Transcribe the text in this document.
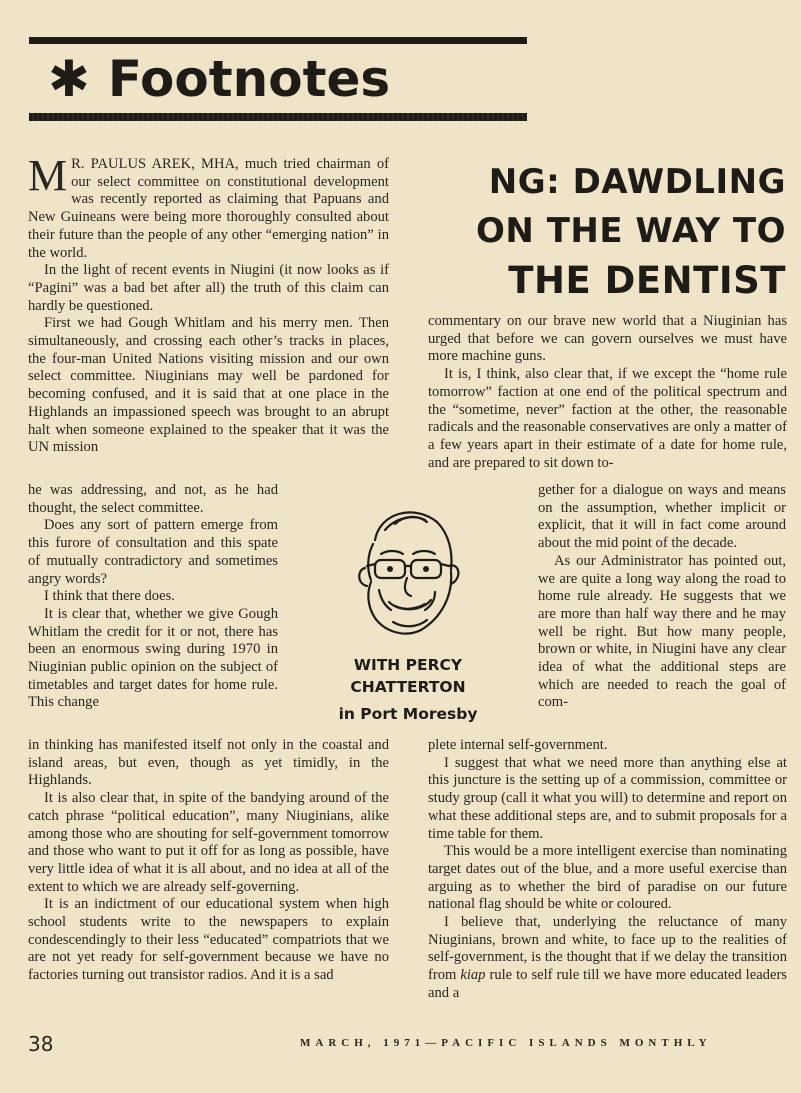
✱ Footnotes

M R. PAULUS AREK, MHA, much tried chairman of our select committee on constitutional development was recently reported as claiming that Papuans and New Guineans were being more thoroughly consulted about their future than the people of any other “emerging nation” in the world.

In the light of recent events in Niugini (it now looks as if “Pagini” was a bad bet after all) the truth of this claim can hardly be questioned.

First we had Gough Whitlam and his merry men. Then simultaneously, and crossing each other’s tracks in places, the four-man United Nations visiting mission and our own select committee. Niuginians may well be pardoned for becoming confused, and it is said that at one place in the Highlands an impassioned speech was brought to an abrupt halt when someone explained to the speaker that it was the UN mission

he was addressing, and not, as he had thought, the select committee.

Does any sort of pattern emerge from this furore of consultation and this spate of mutually contradictory and sometimes angry words?

I think that there does.

It is clear that, whether we give Gough Whitlam the credit for it or not, there has been an enormous swing during 1970 in Niuginian public opinion on the subject of timetables and target dates for home rule. This change

in thinking has manifested itself not only in the coastal and island areas, but even, though as yet timidly, in the Highlands.

It is also clear that, in spite of the bandying around of the catch phrase “political education”, many Niuginians, alike among those who are shouting for self-government tomorrow and those who want to put it off for as long as possible, have very little idea of what it is all about, and no idea at all of the extent to which we are already self-governing.

It is an indictment of our educational system when high school students write to the newspapers to explain condescendingly to their less “educated” compatriots that we are not yet ready for self-government because we have no factories turning out transistor radios. And it is a sad

NG: DAWDLING
ON THE WAY TO
THE DENTIST

commentary on our brave new world that a Niuginian has urged that before we can govern ourselves we must have more machine guns.

It is, I think, also clear that, if we except the “home rule tomorrow” faction at one end of the political spectrum and the “sometime, never” faction at the other, the reasonable radicals and the reasonable conservatives are only a matter of a few years apart in their estimate of a date for home rule, and are prepared to sit down to-

gether for a dialogue on ways and means on the assumption, whether implicit or explicit, that it will in fact come around about the mid point of the decade.

As our Administrator has pointed out, we are quite a long way along the road to home rule already. He suggests that we are more than half way there and he may well be right. But how many people, brown or white, in Niugini have any clear idea of what the additional steps are which are needed to reach the goal of com-

plete internal self-government.

I suggest that what we need more than anything else at this juncture is the setting up of a commission, committee or study group (call it what you will) to determine and report on what these additional steps are, and to submit proposals for a time table for them.

This would be a more intelligent exercise than nominating target dates out of the blue, and a more useful exercise than arguing as to whether the bird of paradise on our future national flag should be white or coloured.

I believe that, underlying the reluctance of many Niuginians, brown and white, to face up to the realities of self-government, is the thought that if we delay the transition from kiap rule to self rule till we have more educated leaders and a

WITH PERCY CHATTERTON
in Port Moresby
38	MARCH, 1971—PACIFIC ISLANDS MONTHLY
